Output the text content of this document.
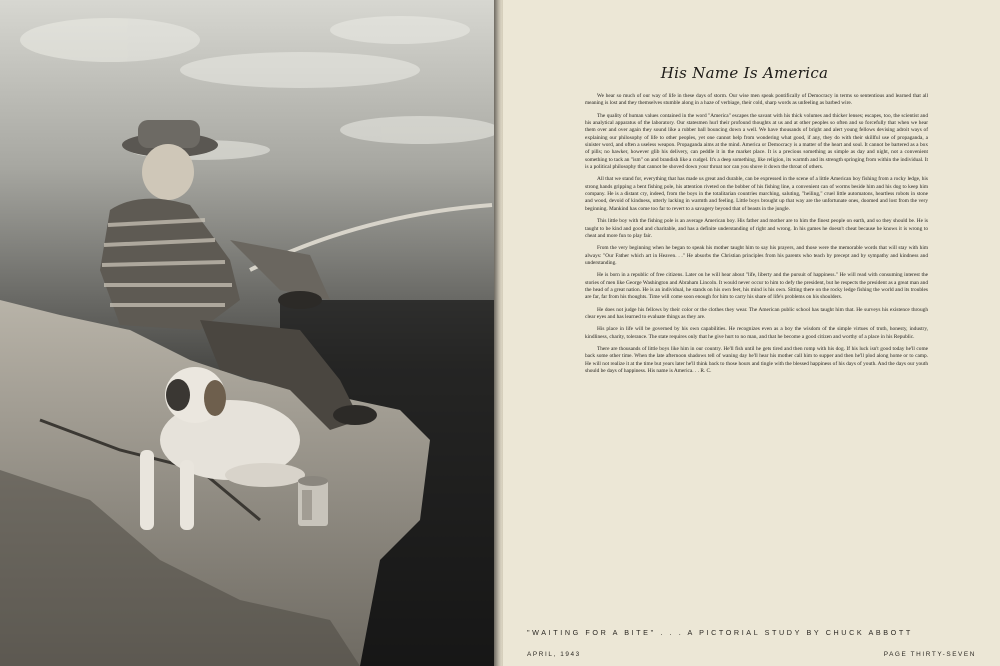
His Name Is America

We hear so much of our way of life in these days of storm. Our wise men speak pontifically of Democracy in terms so sententious and learned that all meaning is lost and they themselves stumble along in a haze of verbiage, their cold, sharp words as unfeeling as barbed wire.

The quality of human values contained in the word "America" escapes the savant with his thick volumes and thicker lenses; escapes, too, the scientist and his analytical apparatus of the laboratory. Our statesmen hurl their profound thoughts at us and at other peoples so often and so forcefully that when we hear them over and over again they sound like a rubber ball bouncing down a well. We have thousands of bright and alert young fellows devising adroit ways of explaining our philosophy of life to other peoples, yet one cannot help from wondering what good, if any, they do with their skillful use of propaganda, a sinister word, and often a useless weapon. Propaganda aims at the mind. America or Democracy is a matter of the heart and soul. It cannot be bartered as a box of pills; no hawker, however glib his delivery, can peddle it in the market place. It is a precious something as simple as day and night, not a convenient something to tack an "ism" on and brandish like a cudgel. It's a deep something, like religion, its warmth and its strength springing from within the individual. It is a political philosophy that cannot be shoved down your throat nor can you shove it down the throat of others.

All that we stand for, everything that has made us great and durable, can be expressed in the scene of a little American boy fishing from a rocky ledge, his strong hands gripping a bent fishing pole, his attention riveted on the bobber of his fishing line, a convenient can of worms beside him and his dog to keep him company. He is a distant cry, indeed, from the boys in the totalitarian countries marching, saluting, "heiling," cruel little automatons, heartless robots in stone and wood, devoid of kindness, utterly lacking in warmth and feeling. Little boys brought up that way are the unfortunate ones, doomed and lost from the very beginning. Mankind has come too far to revert to a savagery beyond that of beasts in the jungle.

This little boy with the fishing pole is an average American boy. His father and mother are to him the finest people on earth, and so they should be. He is taught to be kind and good and charitable, and has a definite understanding of right and wrong. In his games he doesn't cheat because he knows it is wrong to cheat and more fun to play fair.

From the very beginning when he began to speak his mother taught him to say his prayers, and those were the memorable words that will stay with him always: "Our Father which art in Heaven. . ." He absorbs the Christian principles from his parents who teach by precept and by sympathy and kindness and understanding.

He is born in a republic of free citizens. Later on he will hear about "life, liberty and the pursuit of happiness." He will read with consuming interest the stories of men like George Washington and Abraham Lincoln. It would never occur to him to defy the president, but he respects the president as a great man and the head of a great nation. He is an individual, he stands on his own feet, his mind is his own. Sitting there on the rocky ledge fishing the world and its troubles are far, far from his thoughts. Time will come soon enough for him to carry his share of life's problems on his shoulders.

He does not judge his fellows by their color or the clothes they wear. The American public school has taught him that. He surveys his existence through clear eyes and has learned to evaluate things as they are.

His place in life will be governed by his own capabilities. He recognizes even as a boy the wisdom of the simple virtues of truth, honesty, industry, kindliness, charity, tolerance. The state requires only that he give hurt to no man, and that he become a good citizen and worthy of a place in his Republic.

There are thousands of little boys like him in our country. He'll fish until he gets tired and then romp with his dog. If his luck isn't good today he'll come back some other time. When the late afternoon shadows tell of waning day he'll hear his mother call him to supper and then he'll plod along home or to camp. He will not realize it at the time but years later he'll think back to those hours and tingle with the blessed happiness of his days of youth. And the days our youth should be days of happiness. His name is America. . . R. C.

"WAITING FOR A BITE" . . . A PICTORIAL STUDY BY CHUCK ABBOTT
APRIL, 1943	PAGE THIRTY-SEVEN
